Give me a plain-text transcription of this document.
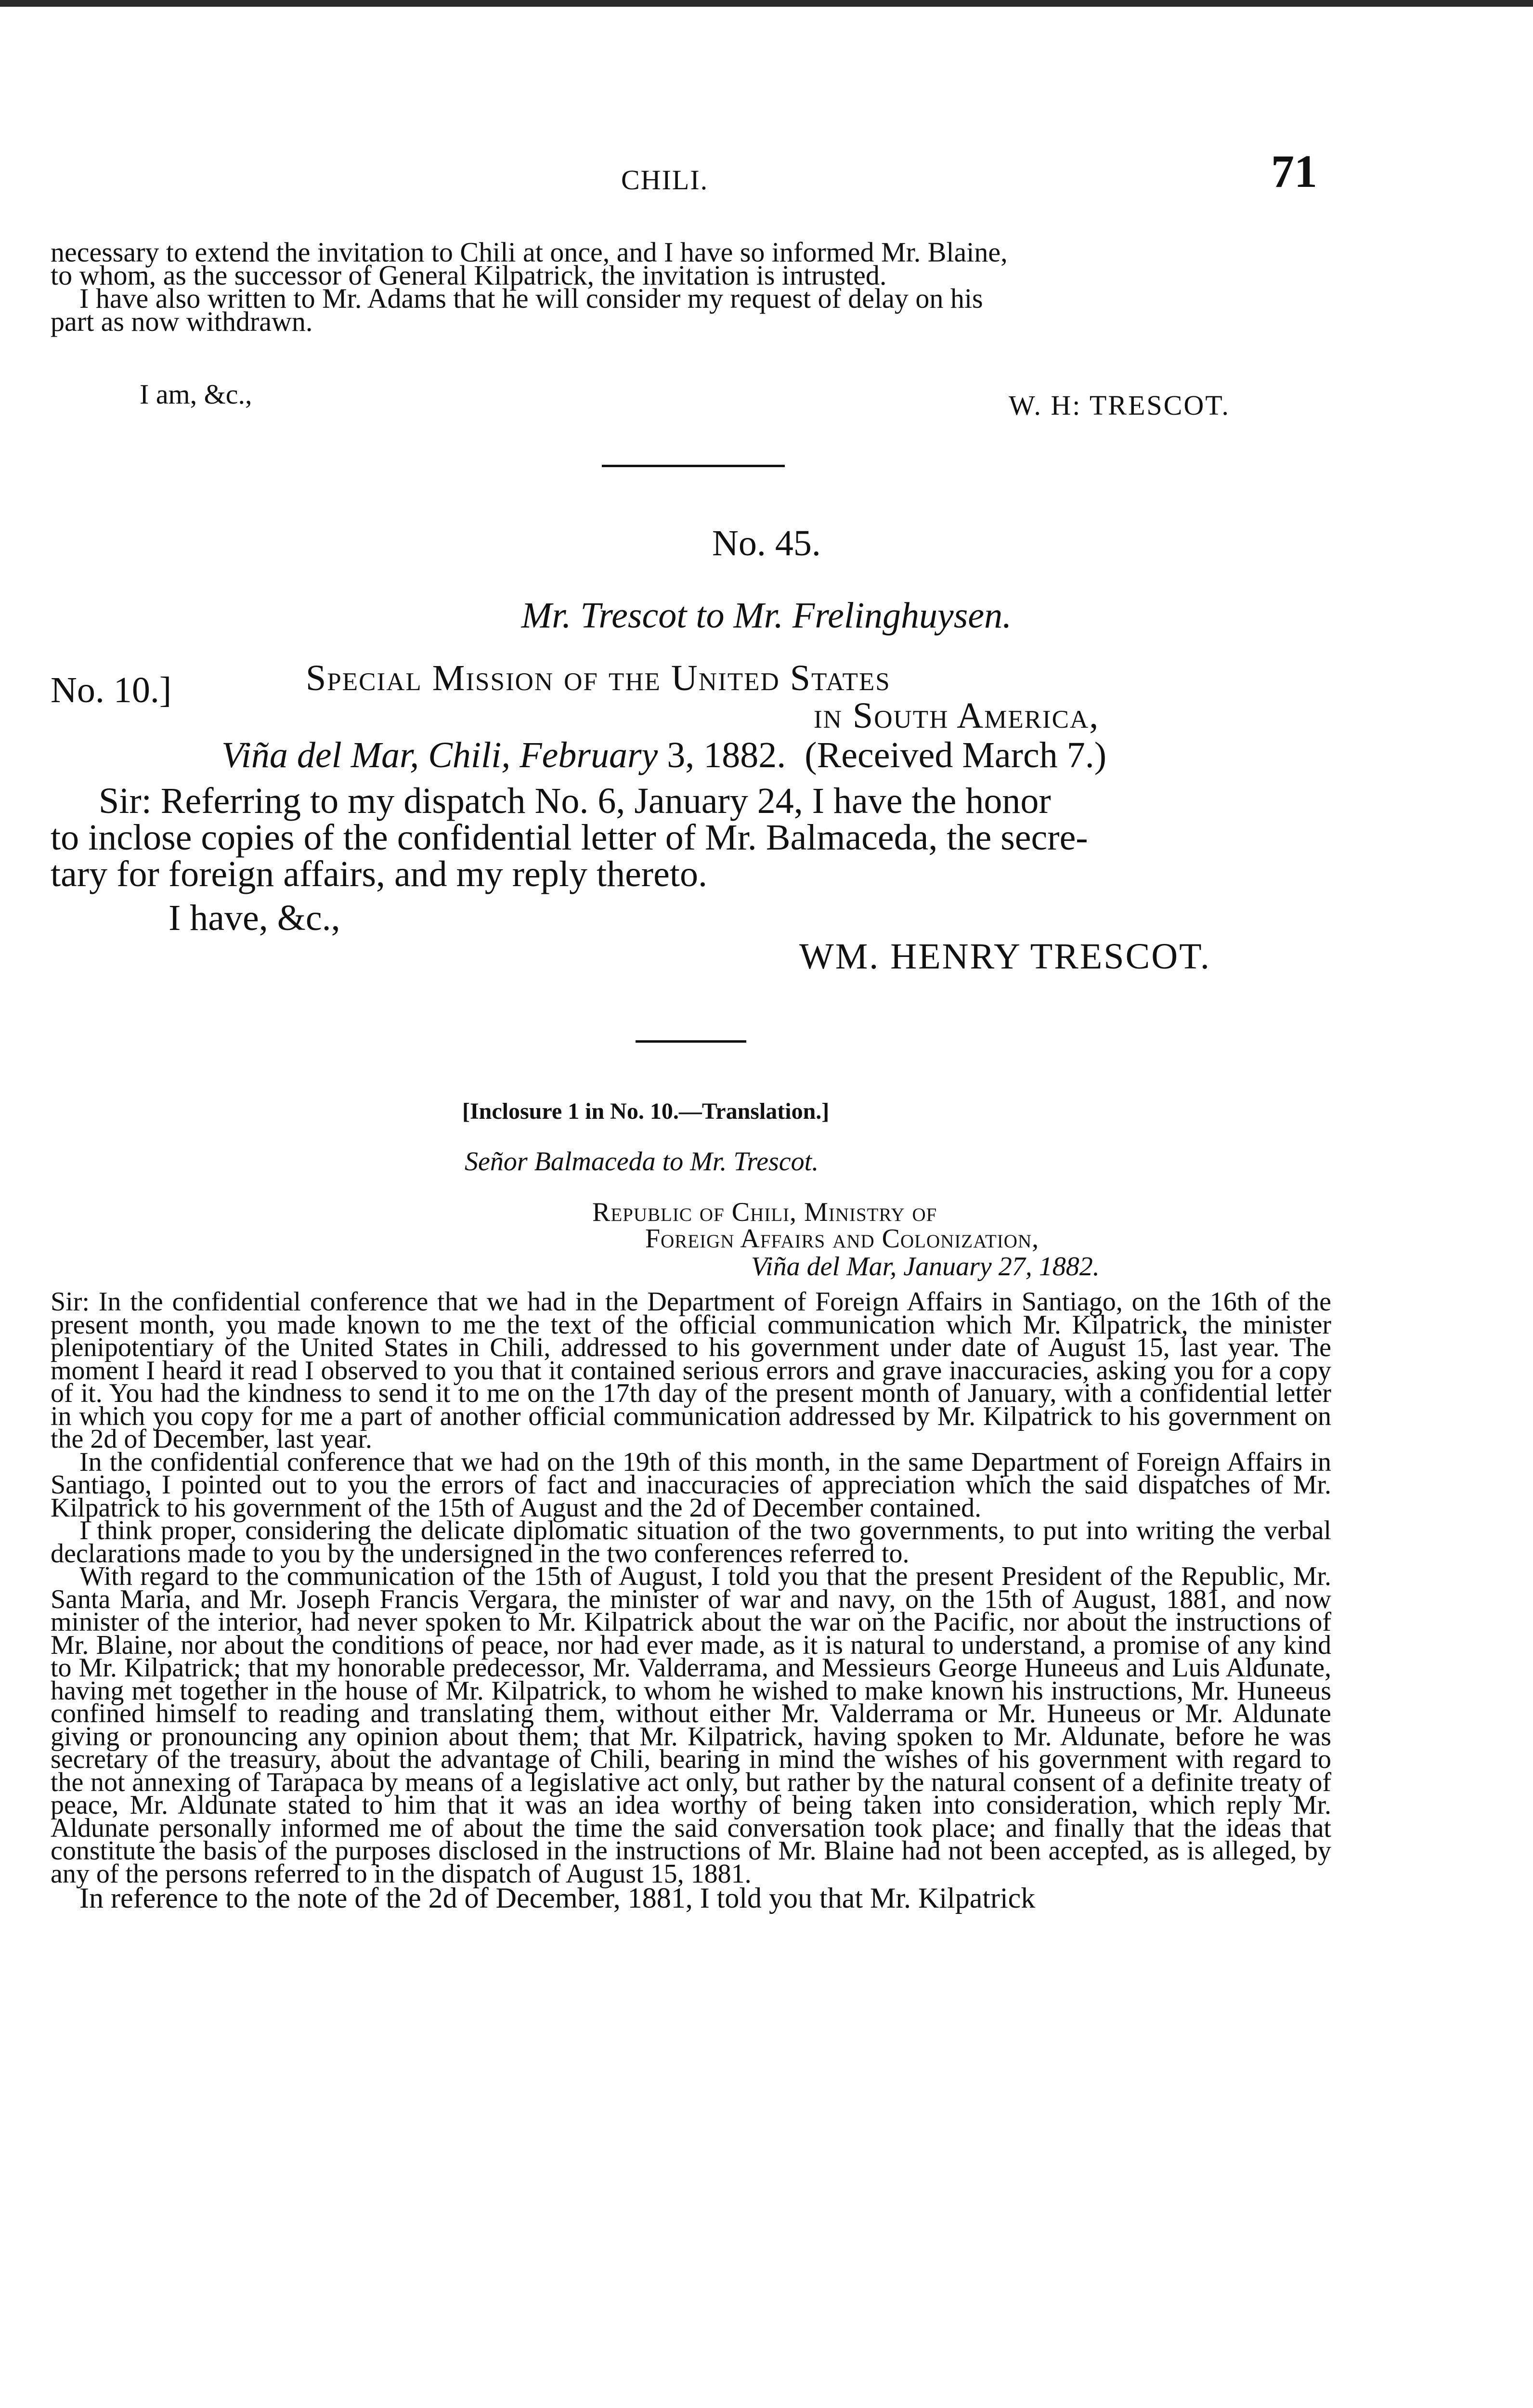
CHILI.	71
necessary to extend the invitation to Chili at once, and I have so informed Mr. Blaine,
to whom, as the successor of General Kilpatrick, the invitation is intrusted.
I have also written to Mr. Adams that he will consider my request of delay on his
part as now withdrawn.
I am, &c.,	W. H: TRESCOT.
No. 45.
Mr. Trescot to Mr. Frelinghuysen.
No. 10.]	Special Mission of the United States
in South America,
Viña del Mar, Chili, February 3, 1882. (Received March 7.)
Sir: Referring to my dispatch No. 6, January 24, I have the honor
to inclose copies of the confidential letter of Mr. Balmaceda, the secre-
tary for foreign affairs, and my reply thereto.
I have, &c.,
WM. HENRY TRESCOT.
[Inclosure 1 in No. 10.—Translation.]
Señor Balmaceda to Mr. Trescot.
Republic of Chili, Ministry of
Foreign Affairs and Colonization,
Viña del Mar, January 27, 1882.
Sir: In the confidential conference that we had in the Department of Foreign Affairs in Santiago, on the 16th of the present month, you made known to me the text of the official communication which Mr. Kilpatrick, the minister plenipotentiary of the United States in Chili, addressed to his government under date of August 15, last year. The moment I heard it read I observed to you that it contained serious errors and grave inaccuracies, asking you for a copy of it. You had the kindness to send it to me on the 17th day of the present month of January, with a confidential letter in which you copy for me a part of another official communication addressed by Mr. Kilpatrick to his government on the 2d of December, last year.
In the confidential conference that we had on the 19th of this month, in the same Department of Foreign Affairs in Santiago, I pointed out to you the errors of fact and inaccuracies of appreciation which the said dispatches of Mr. Kilpatrick to his government of the 15th of August and the 2d of December contained.
I think proper, considering the delicate diplomatic situation of the two governments, to put into writing the verbal declarations made to you by the undersigned in the two conferences referred to.
With regard to the communication of the 15th of August, I told you that the present President of the Republic, Mr. Santa Maria, and Mr. Joseph Francis Vergara, the minister of war and navy, on the 15th of August, 1881, and now minister of the interior, had never spoken to Mr. Kilpatrick about the war on the Pacific, nor about the instructions of Mr. Blaine, nor about the conditions of peace, nor had ever made, as it is natural to understand, a promise of any kind to Mr. Kilpatrick; that my honorable predecessor, Mr. Valderrama, and Messieurs George Huneeus and Luis Aldunate, having met together in the house of Mr. Kilpatrick, to whom he wished to make known his instructions, Mr. Huneeus confined himself to reading and translating them, without either Mr. Valderrama or Mr. Huneeus or Mr. Aldunate giving or pronouncing any opinion about them; that Mr. Kilpatrick, having spoken to Mr. Aldunate, before he was secretary of the treasury, about the advantage of Chili, bearing in mind the wishes of his government with regard to the not annexing of Tarapaca by means of a legislative act only, but rather by the natural consent of a definite treaty of peace, Mr. Aldunate stated to him that it was an idea worthy of being taken into consideration, which reply Mr. Aldunate personally informed me of about the time the said conversation took place; and finally that the ideas that constitute the basis of the purposes disclosed in the instructions of Mr. Blaine had not been accepted, as is alleged, by any of the persons referred to in the dispatch of August 15, 1881.
In reference to the note of the 2d of December, 1881, I told you that Mr. Kilpatrick
